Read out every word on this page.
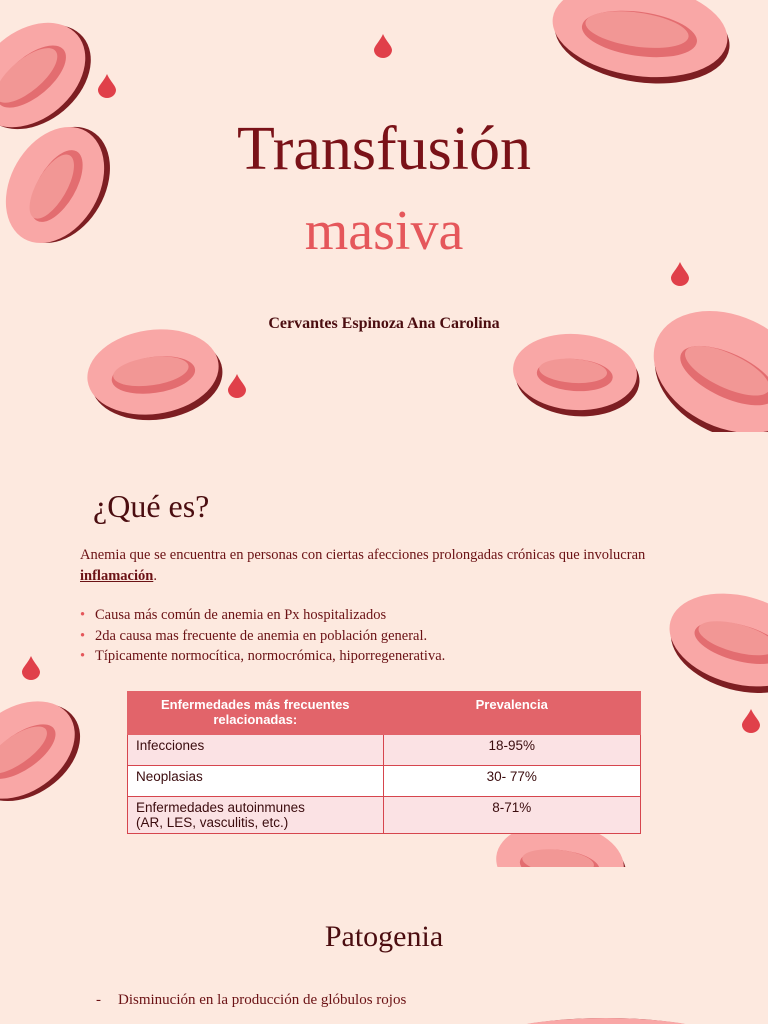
Transfusión
masiva
Cervantes Espinoza Ana Carolina
¿Qué es?
Anemia que se encuentra en personas con ciertas afecciones prolongadas crónicas que involucran inflamación.
• Causa más común de anemia en Px hospitalizados
• 2da causa mas frecuente de anemia en población general.
• Típicamente normocítica, normocrómica, hiporregenerativa.
Enfermedades más frecuentes relacionadas:	Prevalencia
Infecciones	18-95%
Neoplasias	30- 77%

Enfermedades autoinmunes
(AR, LES, vasculitis, etc.)	8-71%
Patogenia
- Disminución en la producción de glóbulos rojos
